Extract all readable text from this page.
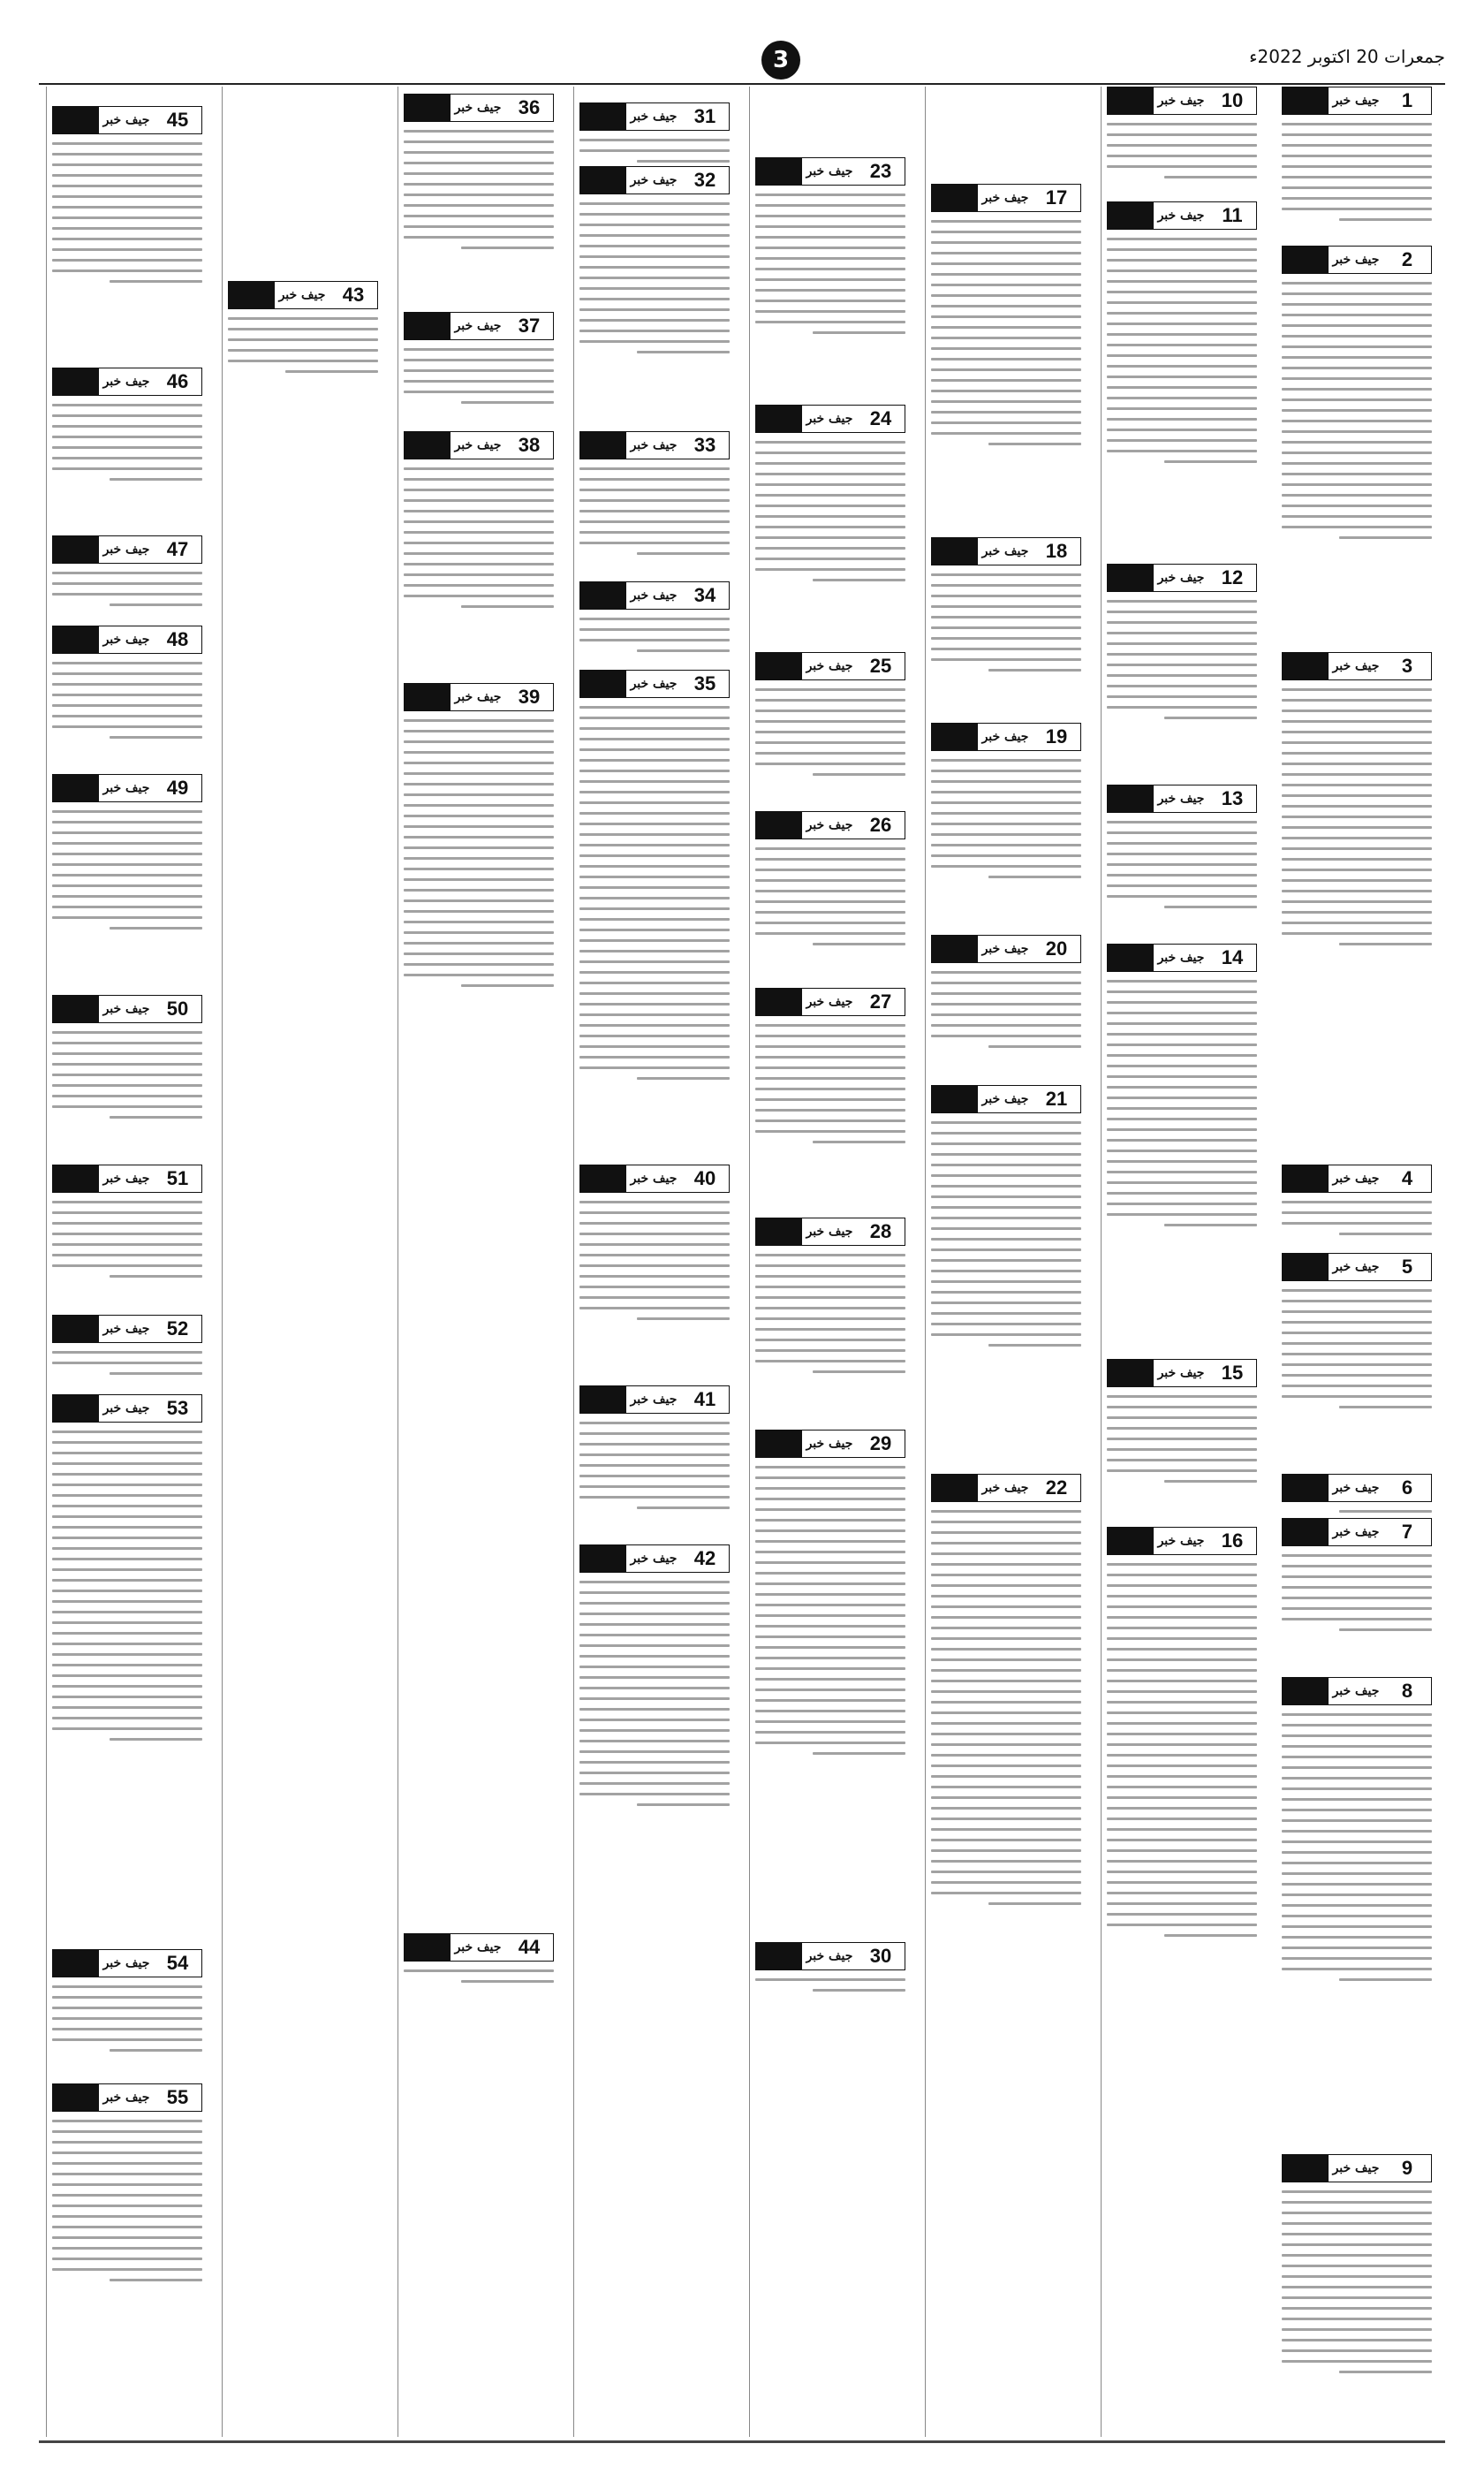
3	جمعرات 20 اکتوبر 2022ء
1
جیف خبر
2
جیف خبر
3
جیف خبر
4
جیف خبر
5
جیف خبر
6
جیف خبر
7
جیف خبر
8
جیف خبر
9
جیف خبر
10
جیف خبر
11
جیف خبر
12
جیف خبر
13
جیف خبر
14
جیف خبر
15
جیف خبر
16
جیف خبر
17
جیف خبر
18
جیف خبر
19
جیف خبر
20
جیف خبر
21
جیف خبر
22
جیف خبر
23
جیف خبر
24
جیف خبر
25
جیف خبر
26
جیف خبر
27
جیف خبر
28
جیف خبر
29
جیف خبر
30
جیف خبر
31
جیف خبر
32
جیف خبر
33
جیف خبر
34
جیف خبر
35
جیف خبر
40
جیف خبر
41
جیف خبر
42
جیف خبر
36
جیف خبر
37
جیف خبر
38
جیف خبر
39
جیف خبر
44
جیف خبر
43
جیف خبر
45
جیف خبر
46
جیف خبر
47
جیف خبر
48
جیف خبر
49
جیف خبر
50
جیف خبر
51
جیف خبر
52
جیف خبر
53
جیف خبر
54
جیف خبر
55
جیف خبر
